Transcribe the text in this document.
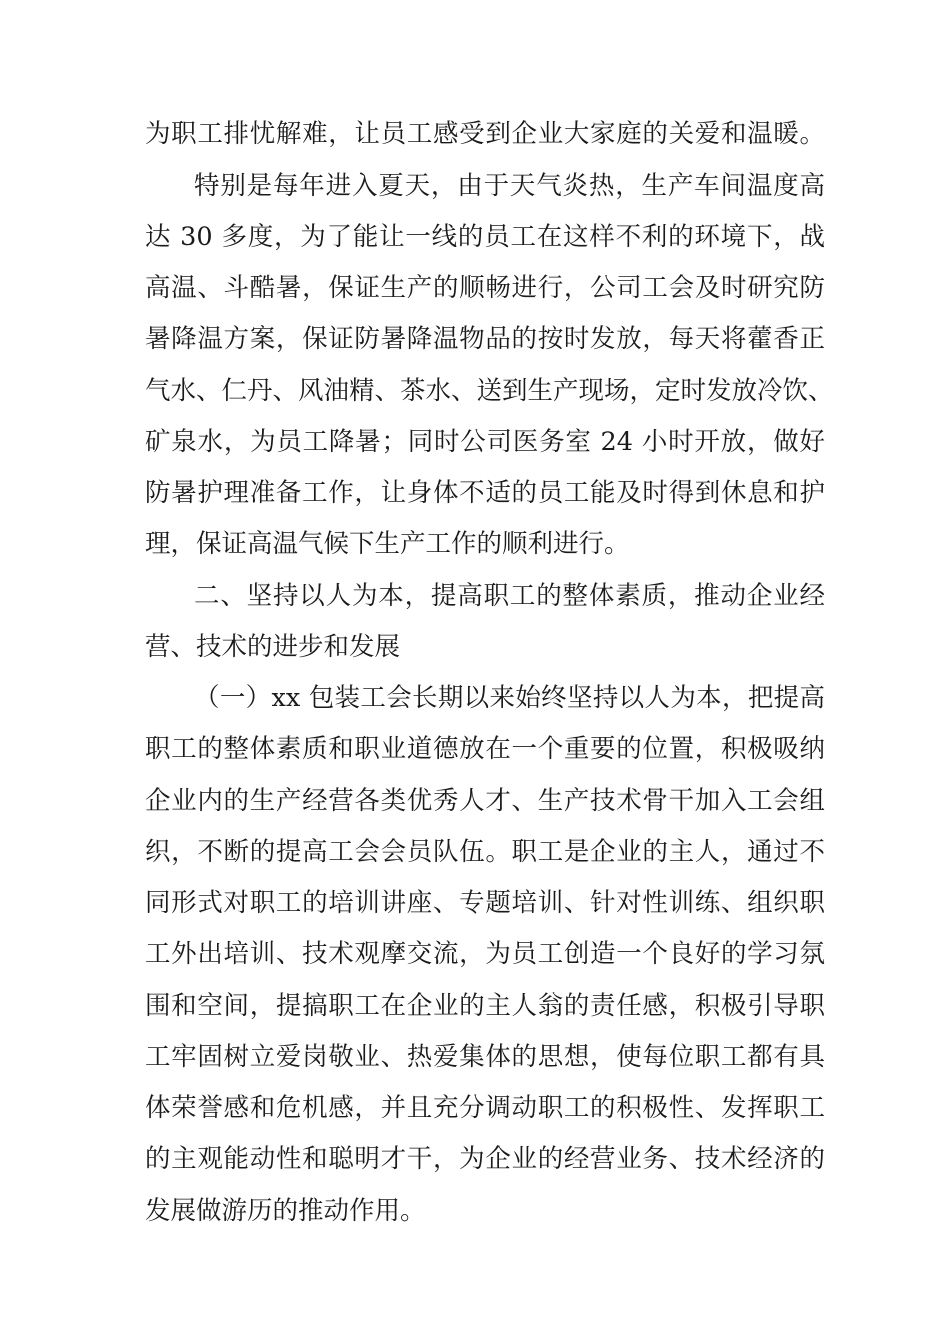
为职工排忧解难，让员工感受到企业大家庭的关爱和温暖。
特别是每年进入夏天，由于天气炎热，生产车间温度高
达 30 多度，为了能让一线的员工在这样不利的环境下，战
高温、斗酷暑，保证生产的顺畅进行，公司工会及时研究防
暑降温方案，保证防暑降温物品的按时发放，每天将藿香正
气水、仁丹、风油精、茶水、送到生产现场，定时发放冷饮、
矿泉水，为员工降暑；同时公司医务室 24 小时开放，做好
防暑护理准备工作，让身体不适的员工能及时得到休息和护
理，保证高温气候下生产工作的顺利进行。
二、坚持以人为本，提高职工的整体素质，推动企业经
营、技术的进步和发展
（一）xx 包装工会长期以来始终坚持以人为本，把提高
职工的整体素质和职业道德放在一个重要的位置，积极吸纳
企业内的生产经营各类优秀人才、生产技术骨干加入工会组
织，不断的提高工会会员队伍。职工是企业的主人，通过不
同形式对职工的培训讲座、专题培训、针对性训练、组织职
工外出培训、技术观摩交流，为员工创造一个良好的学习氛
围和空间，提搞职工在企业的主人翁的责任感，积极引导职
工牢固树立爱岗敬业、热爱集体的思想，使每位职工都有具
体荣誉感和危机感，并且充分调动职工的积极性、发挥职工
的主观能动性和聪明才干，为企业的经营业务、技术经济的
发展做游历的推动作用。
